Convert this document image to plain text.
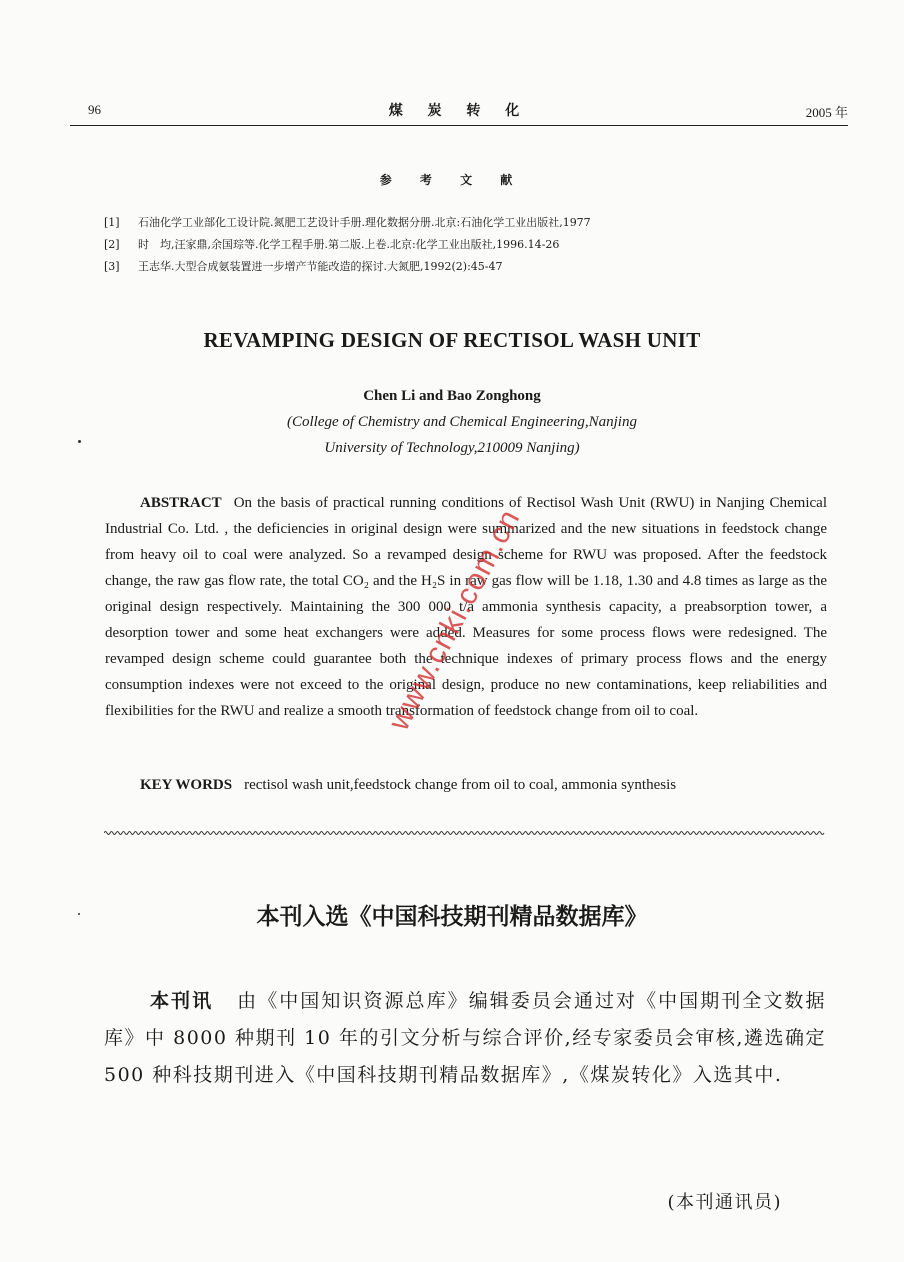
96	煤 炭 转 化	2005 年
参 考 文 献
[1] 石油化学工业部化工设计院.氮肥工艺设计手册.理化数据分册.北京:石油化学工业出版社,1977
[2] 时　均,汪家鼎,余国琮等.化学工程手册.第二版.上卷.北京:化学工业出版社,1996.14-26
[3] 王志华.大型合成氨装置进一步增产节能改造的探讨.大氮肥,1992(2):45-47
REVAMPING DESIGN OF RECTISOL WASH UNIT
Chen Li and Bao Zonghong
(College of Chemistry and Chemical Engineering,Nanjing
University of Technology,210009 Nanjing)

ABSTRACT On the basis of practical running conditions of Rectisol Wash Unit (RWU) in Nanjing Chemical Industrial Co. Ltd. , the deficiencies in original design were summarized and the new situations in feedstock change from heavy oil to coal were analyzed. So a revamped design scheme for RWU was proposed. After the feedstock change, the raw gas flow rate, the total CO₂ and the H₂S in raw gas flow will be 1.18, 1.30 and 4.8 times as large as the original design respectively. Maintaining the 300 000 t/a ammonia synthesis capacity, a preabsorption tower, a desorption tower and some heat exchangers were added. Measures for some process flows were redesigned. The revamped design scheme could guarantee both the technique indexes of primary process flows and the energy consumption indexes were not exceed to the original design, produce no new contaminations, keep reliabilities and flexibilities for the RWU and realize a smooth transformation of feedstock change from oil to coal.

KEY WORDS rectisol wash unit,feedstock change from oil to coal, ammonia synthesis
本刊入选《中国科技期刊精品数据库》

本刊讯 由《中国知识资源总库》编辑委员会通过对《中国期刊全文数据库》中 8000 种期刊 10 年的引文分析与综合评价,经专家委员会审核,遴选确定 500 种科技期刊进入《中国科技期刊精品数据库》,《煤炭转化》入选其中.

(本刊通讯员)
www.cnki.com.cn
